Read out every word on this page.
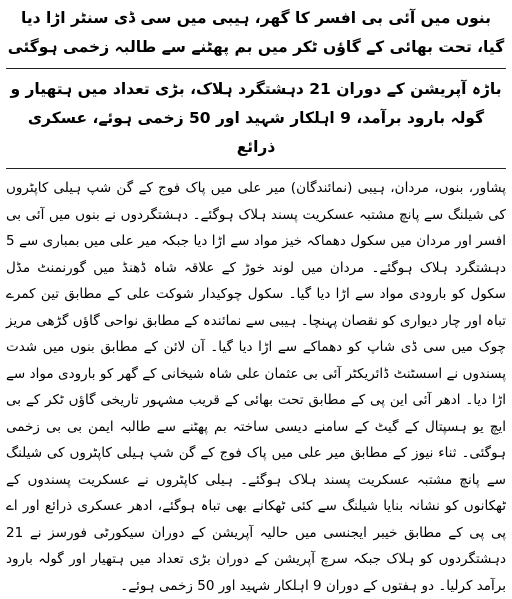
بنوں میں آئی بی افسر کا گھر، ہیبی میں سی ڈی سنٹر اڑا دیا گیا، تحت بھائی کے گاؤں ٹکر میں بم پھٹنے سے طالبہ زخمی ہوگئی
باڑہ آپریشن کے دوران 21 دہشتگرد ہلاک، بڑی تعداد میں ہتھیار و گولہ بارود برآمد، 9 اہلکار شہید اور 50 زخمی ہوئے، عسکری ذرائع

پشاور، بنوں، مردان، ہیبی (نمائندگان) میر علی میں پاک فوج کے گن شپ ہیلی کاپٹروں کی شیلنگ سے پانچ مشتبہ عسکریت پسند ہلاک ہوگئے۔ دہشتگردوں نے بنوں میں آئی بی افسر اور مردان میں سکول دھماکہ خیز مواد سے اڑا دیا جبکہ میر علی میں بمباری سے 5 دہشتگرد ہلاک ہوگئے۔ مردان میں لوند خوڑ کے علاقہ شاہ ڈھنڈ میں گورنمنٹ مڈل سکول کو بارودی مواد سے اڑا دیا گیا۔ سکول چوکیدار شوکت علی کے مطابق تین کمرے تباہ اور چار دیواری کو نقصان پہنچا۔ ہیبی سے نمائندہ کے مطابق نواحی گاؤں گڑھی مریز چوک میں سی ڈی شاپ کو دھماکے سے اڑا دیا گیا۔ آن لائن کے مطابق بنوں میں شدت پسندوں نے اسسٹنٹ ڈائریکٹر آئی بی عثمان علی شاہ شیخانی کے گھر کو بارودی مواد سے اڑا دیا۔ ادھر آئی این پی کے مطابق تحت بھائی کے قریب مشہور تاریخی گاؤں ٹکر کے بی ایچ یو ہسپتال کے گیٹ کے سامنے دیسی ساختہ بم پھٹنے سے طالبہ ایمن بی بی زخمی ہوگئی۔ ثناء نیوز کے مطابق میر علی میں پاک فوج کے گن شپ ہیلی کاپٹروں کی شیلنگ سے پانچ مشتبہ عسکریت پسند ہلاک ہوگئے۔ ہیلی کاپٹروں نے عسکریت پسندوں کے ٹھکانوں کو نشانہ بنایا شیلنگ سے کئی ٹھکانے بھی تباہ ہوگئے، ادھر عسکری ذرائع اور اے پی پی کے مطابق خیبر ایجنسی میں حالیہ آپریشن کے دوران سیکورٹی فورسز نے 21 دہشتگردوں کو ہلاک جبکہ سرچ آپریشن کے دوران بڑی تعداد میں ہتھیار اور گولہ بارود برآمد کرلیا۔ دو ہفتوں کے دوران 9 اہلکار شہید اور 50 زخمی ہوئے۔
